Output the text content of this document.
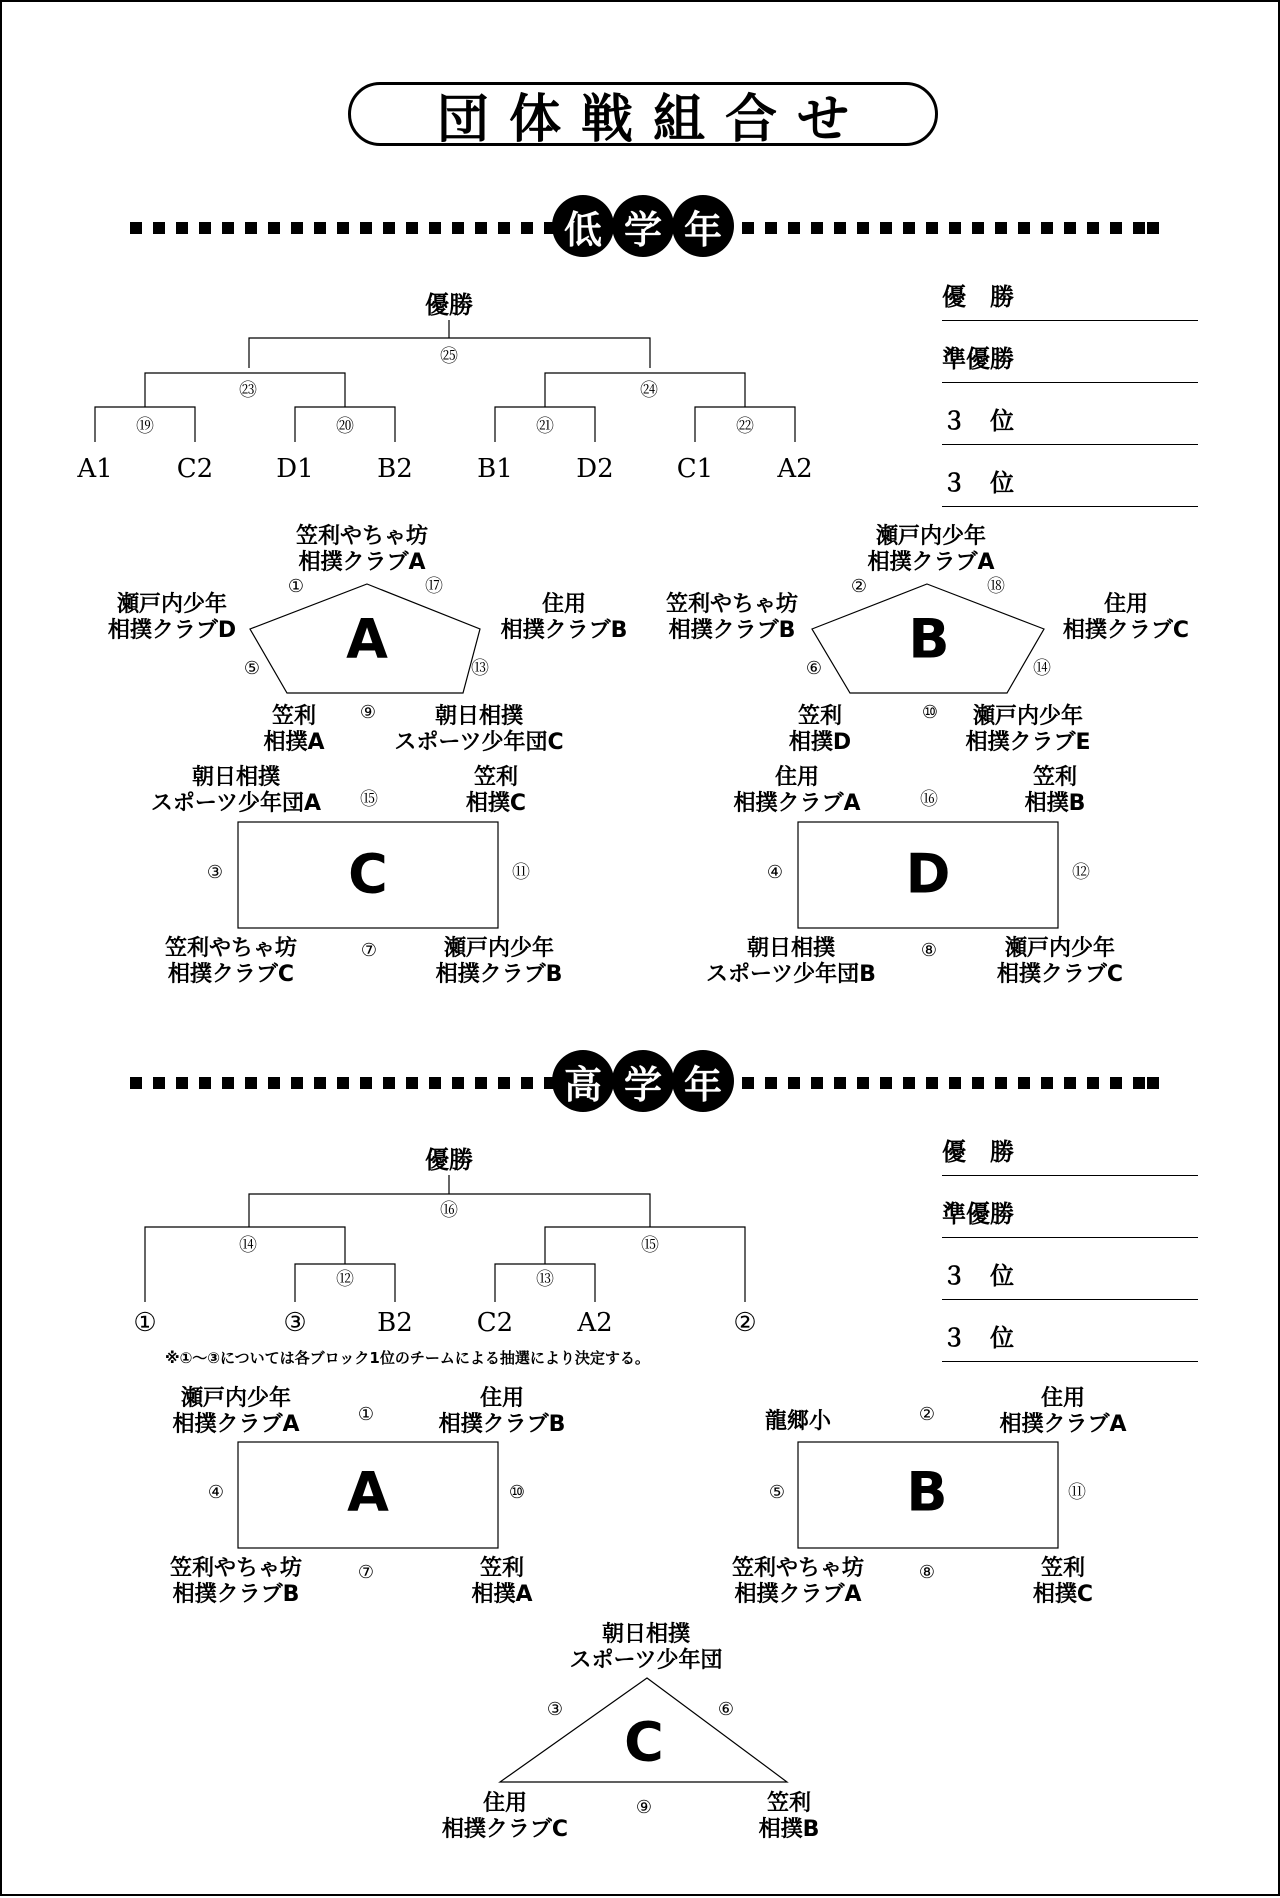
団体戦組合せ
低 学 年
高 学 年
優勝
㉕
㉓	㉔
⑲	⑳	㉑	㉒
A1 C2 D1 B2 B1 D2 C1 A2
優　勝
準優勝
３　位
３　位
A
笠利やちゃ坊
相撲クラブA
瀬戸内少年
相撲クラブD
住用
相撲クラブB
笠利
相撲A
朝日相撲
スポーツ少年団C
①	⑰
⑤	⑬
⑨
B
瀬戸内少年
相撲クラブA
笠利やちゃ坊
相撲クラブB
住用
相撲クラブC
笠利
相撲D
瀬戸内少年
相撲クラブE
②	⑱
⑥	⑭
⑩
C
朝日相撲
スポーツ少年団A
笠利
相撲C
笠利やちゃ坊
相撲クラブC
瀬戸内少年
相撲クラブB
⑮
③	⑪
⑦
D
住用
相撲クラブA
笠利
相撲B
朝日相撲
スポーツ少年団B
瀬戸内少年
相撲クラブC
⑯
④	⑫
⑧
優勝
⑯
⑭	⑮
⑫	⑬
①	③	B2 C2 A2	②
※①～③については各ブロック1位のチームによる抽選により決定する。
優　勝
準優勝
３　位
３　位
A
瀬戸内少年
相撲クラブA
住用
相撲クラブB
笠利やちゃ坊
相撲クラブB
笠利
相撲A
①
④	⑩
⑦
B
龍郷小
住用
相撲クラブA
笠利やちゃ坊
相撲クラブA
笠利
相撲C
②
⑤	⑪
⑧
C
朝日相撲
スポーツ少年団
住用
相撲クラブC
笠利
相撲B
③	⑥
⑨
